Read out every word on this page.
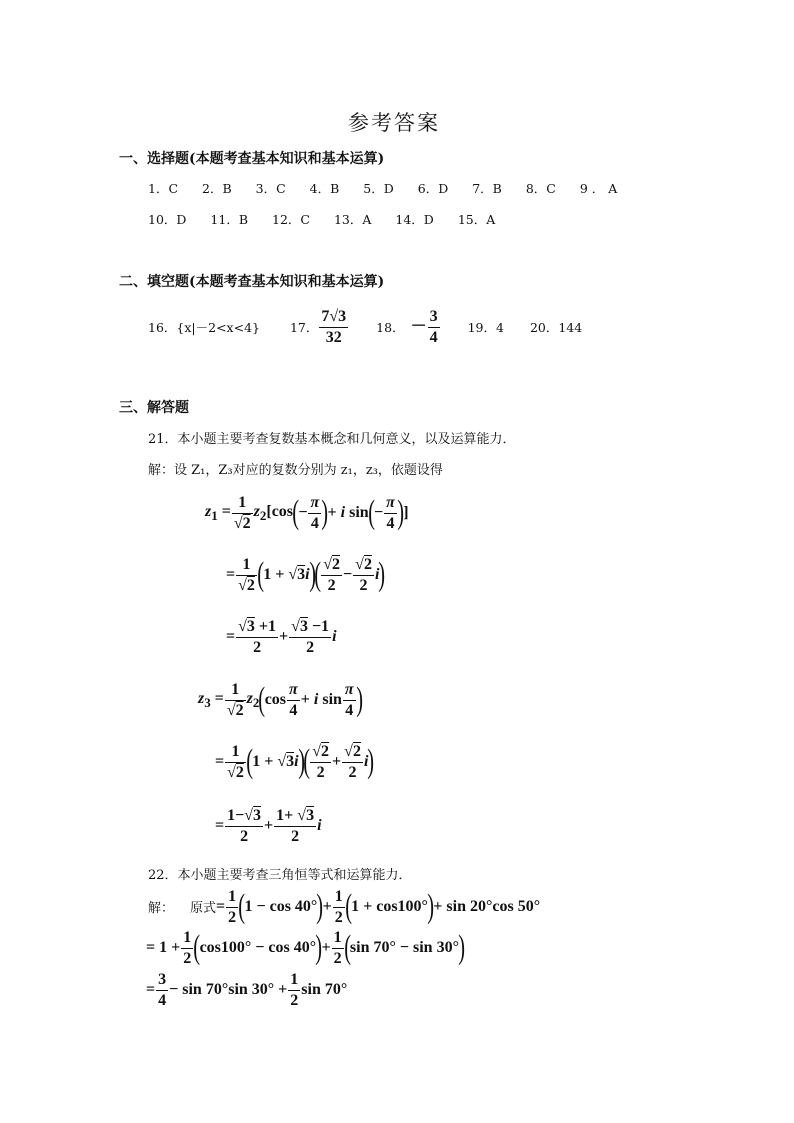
参考答案
一、选择题(本题考查基本知识和基本运算)
1．C 2．B 3．C 4．B 5．D 6．D 7．B 8．C 9 ． A
10．D 11．B 12．C 13．A 14．D 15．A
二、填空题(本题考查基本知识和基本运算)
16． {x|－2<x<4} 17． $\frac{7√3}{32} 18$． － $\frac{3}{4} 19$．4 20．144
三、解答题
21．本小题主要考查复数基本概念和几何意义，以及运算能力．
解：设 Z₁，Z₃对应的复数分别为 z₁，z₃，依题设得
$z_1 = \frac{1}{√2} z_2[\cos$ ( − $\frac{\pi}{4}$ ) + i sin ( − $\frac{\pi}{4}$ ) ]
= $\frac{1}{√2}$ ( 1 + √3i )
( $\frac{√2}{2} - \frac{√2}{2}$ i )
= $\frac{√3 +1}{2} + \frac{√3 -1}{2}$ i
$z_3 = \frac{1}{√2} z_2$ ( $\cos \frac{\pi}{4} + i$ $\sin \frac{\pi}{4}$ )
= $\frac{1}{√2}$ ( 1 + √3i )
( $\frac{√2}{2} + \frac{√2}{2}$ i )
= $\frac{1-√3}{2} + \frac{1+ √3}{2}$ i
22．本小题主要考查三角恒等式和运算能力．
解： 原式 = $\frac{1}{2}$ ( 1 − cos 40° ) + $\frac{1}{2}$ ( 1 + cos100° ) + sin 20°cos 50°
= $1 + \frac{1}{2}$ ( cos100° − cos 40° ) + $\frac{1}{2}$ ( sin 70° − sin 30° )
= $\frac{3}{4} - \sin 70^\circ\sin$ $30^\circ + \frac{1}{2}$ sin 70°
